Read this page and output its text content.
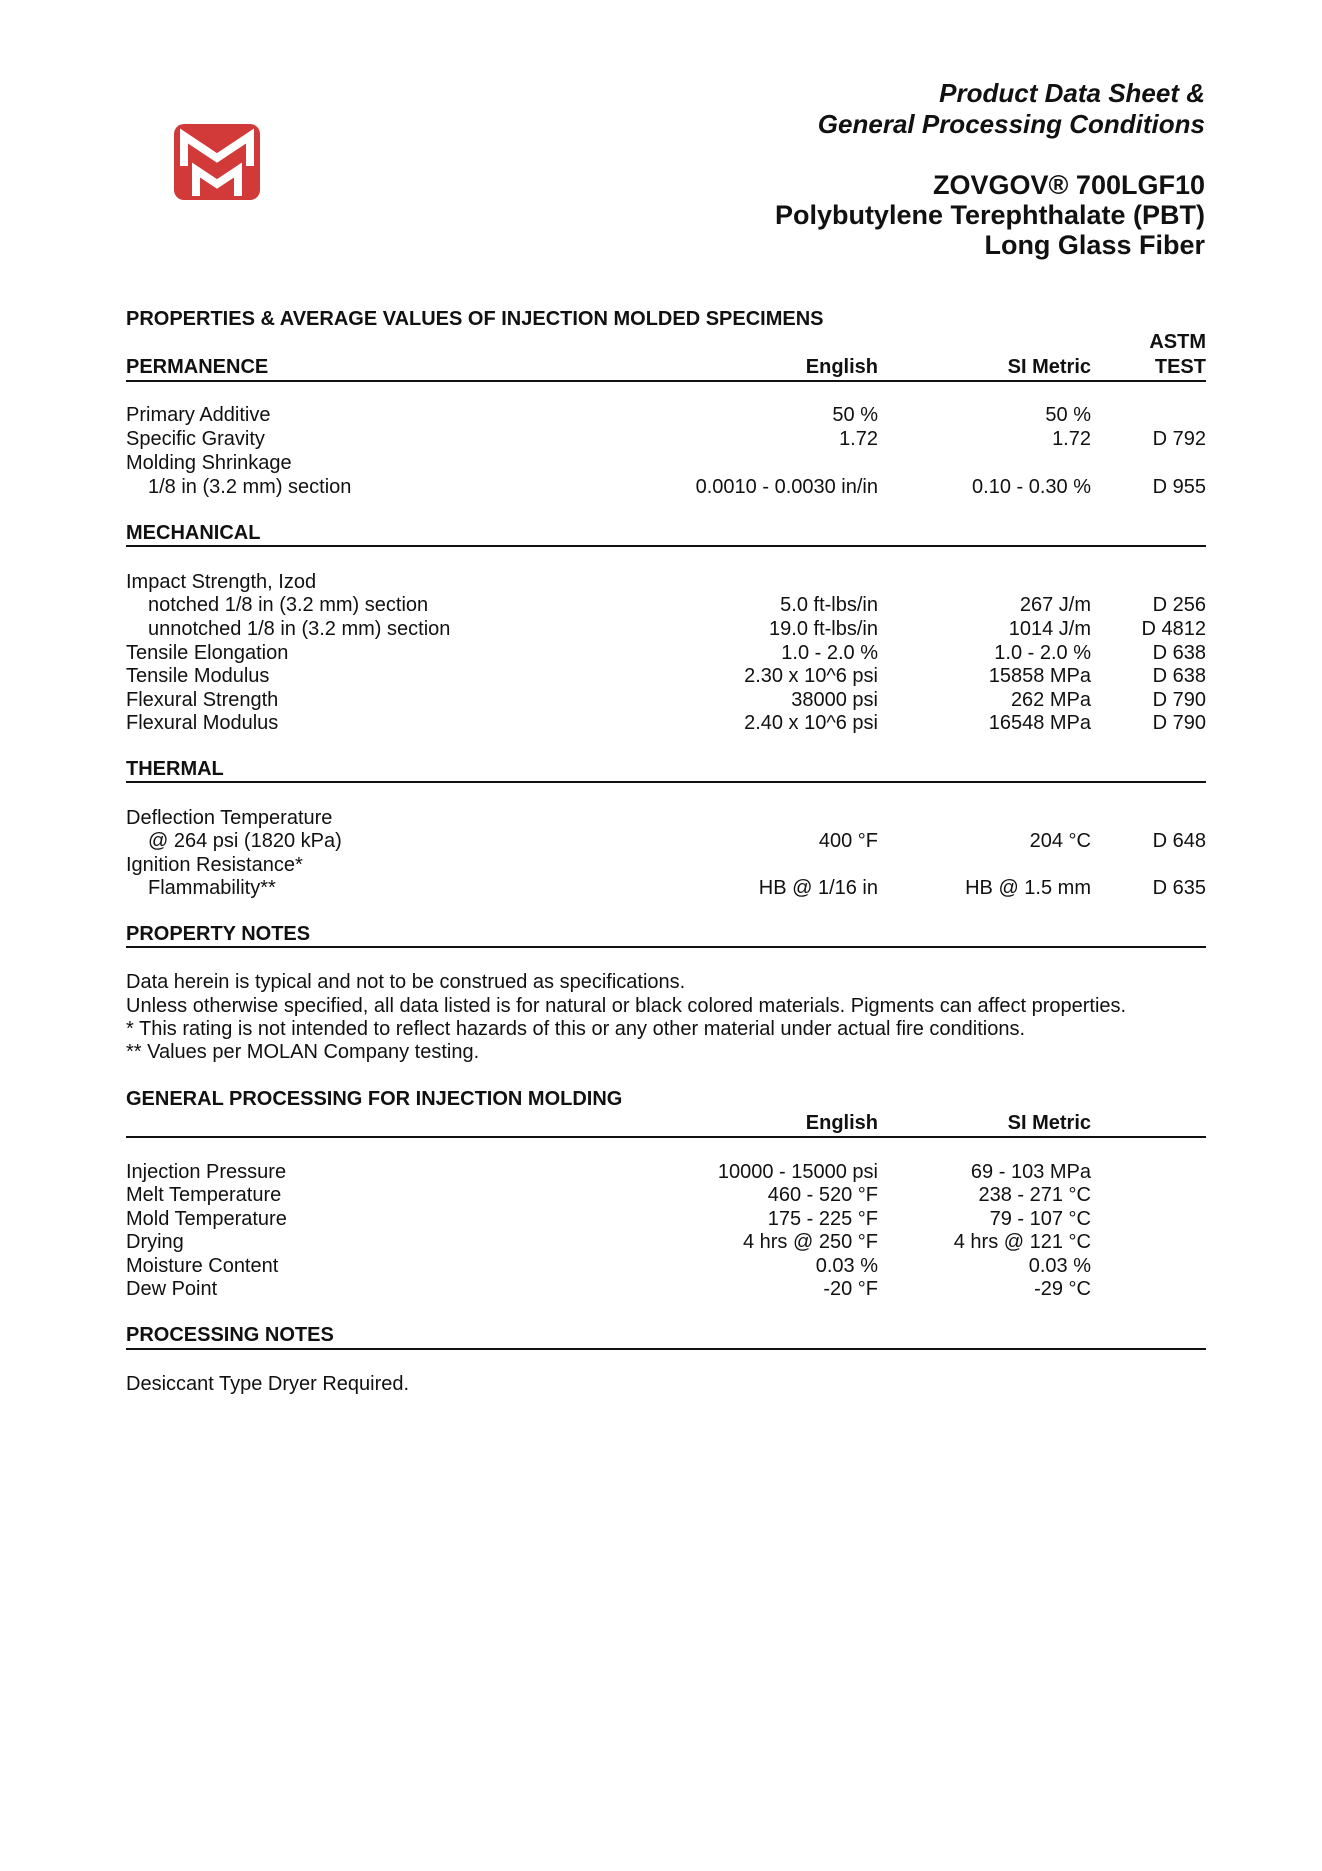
Product Data Sheet &
General Processing Conditions
ZOVGOV® 700LGF10
Polybutylene Terephthalate (PBT)
Long Glass Fiber
PROPERTIES & AVERAGE VALUES OF INJECTION MOLDED SPECIMENS
ASTM
PERMANENCE	English	SI Metric	TEST
Primary Additive	50 %	50 %
Specific Gravity	1.72	1.72	D 792
Molding Shrinkage
1/8 in (3.2 mm) section	0.0010 - 0.0030 in/in	0.10 - 0.30 %	D 955
MECHANICAL
Impact Strength, Izod
notched 1/8 in (3.2 mm) section	5.0 ft-lbs/in	267 J/m	D 256
unnotched 1/8 in (3.2 mm) section	19.0 ft-lbs/in	1014 J/m	D 4812
Tensile Elongation	1.0 - 2.0 %	1.0 - 2.0 %	D 638
Tensile Modulus	2.30 x 10^6 psi	15858 MPa	D 638
Flexural Strength	38000 psi	262 MPa	D 790
Flexural Modulus	2.40 x 10^6 psi	16548 MPa	D 790
THERMAL
Deflection Temperature
@ 264 psi (1820 kPa)	400 °F	204 °C	D 648
Ignition Resistance*
Flammability**	HB @ 1/16 in	HB @ 1.5 mm	D 635
PROPERTY NOTES
Data herein is typical and not to be construed as specifications.
Unless otherwise specified, all data listed is for natural or black colored materials. Pigments can affect properties.
* This rating is not intended to reflect hazards of this or any other material under actual fire conditions.
** Values per MOLAN Company testing.
GENERAL PROCESSING FOR INJECTION MOLDING
English	SI Metric
Injection Pressure	10000 - 15000 psi	69 - 103 MPa
Melt Temperature	460 - 520 °F	238 - 271 °C
Mold Temperature	175 - 225 °F	79 - 107 °C
Drying	4 hrs @ 250 °F	4 hrs @ 121 °C
Moisture Content	0.03 %	0.03 %
Dew Point	-20 °F	-29 °C
PROCESSING NOTES
Desiccant Type Dryer Required.
